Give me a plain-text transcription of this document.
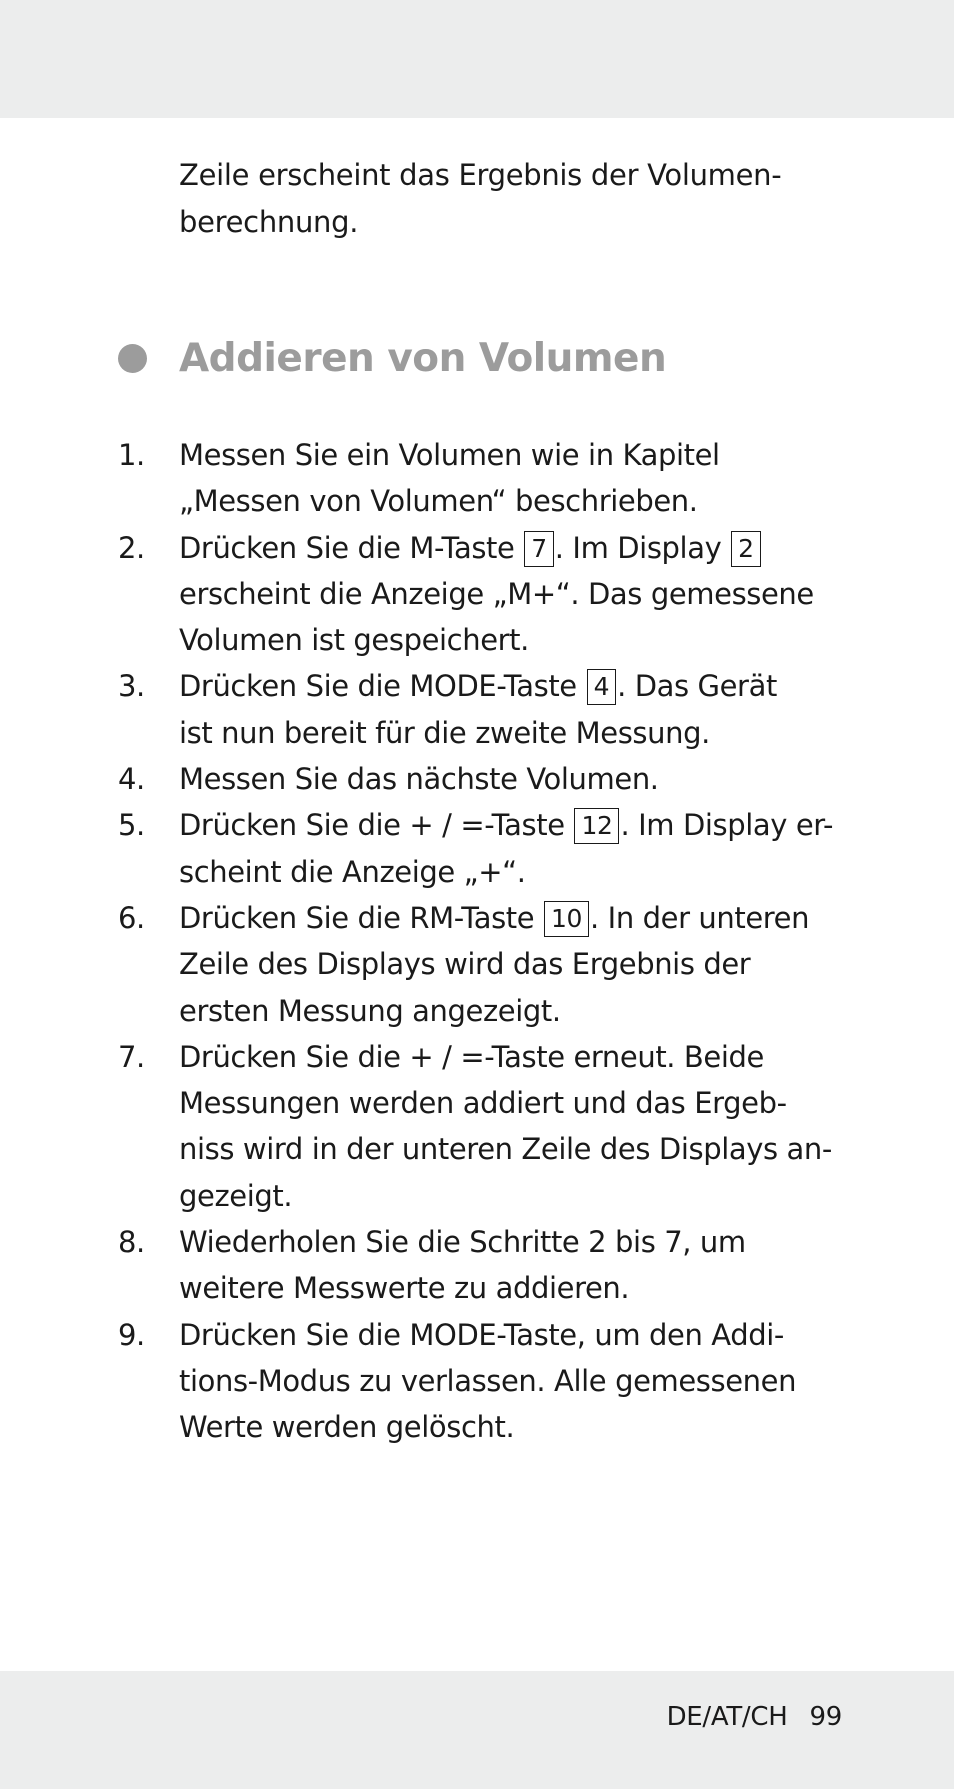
Zeile erscheint das Ergebnis der Volumen-
berechnung.
Addieren von Volumen
1. Messen Sie ein Volumen wie in Kapitel
„Messen von Volumen“ beschrieben.
2. Drücken Sie die M-Taste 7 . Im Display 2
erscheint die Anzeige „M+“. Das gemessene
Volumen ist gespeichert.
3. Drücken Sie die MODE-Taste 4 . Das Gerät
ist nun bereit für die zweite Messung.
4. Messen Sie das nächste Volumen.
5. Drücken Sie die + / =-Taste 12 . Im Display er-
scheint die Anzeige „+“.
6. Drücken Sie die RM-Taste 10 . In der unteren
Zeile des Displays wird das Ergebnis der
ersten Messung angezeigt.
7. Drücken Sie die + / =-Taste erneut. Beide
Messungen werden addiert und das Ergeb-
niss wird in der unteren Zeile des Displays an-
gezeigt.
8. Wiederholen Sie die Schritte 2 bis 7, um
weitere Messwerte zu addieren.
9. Drücken Sie die MODE-Taste, um den Addi-
tions-Modus zu verlassen. Alle gemessenen
Werte werden gelöscht.
DE/AT/CH 99
